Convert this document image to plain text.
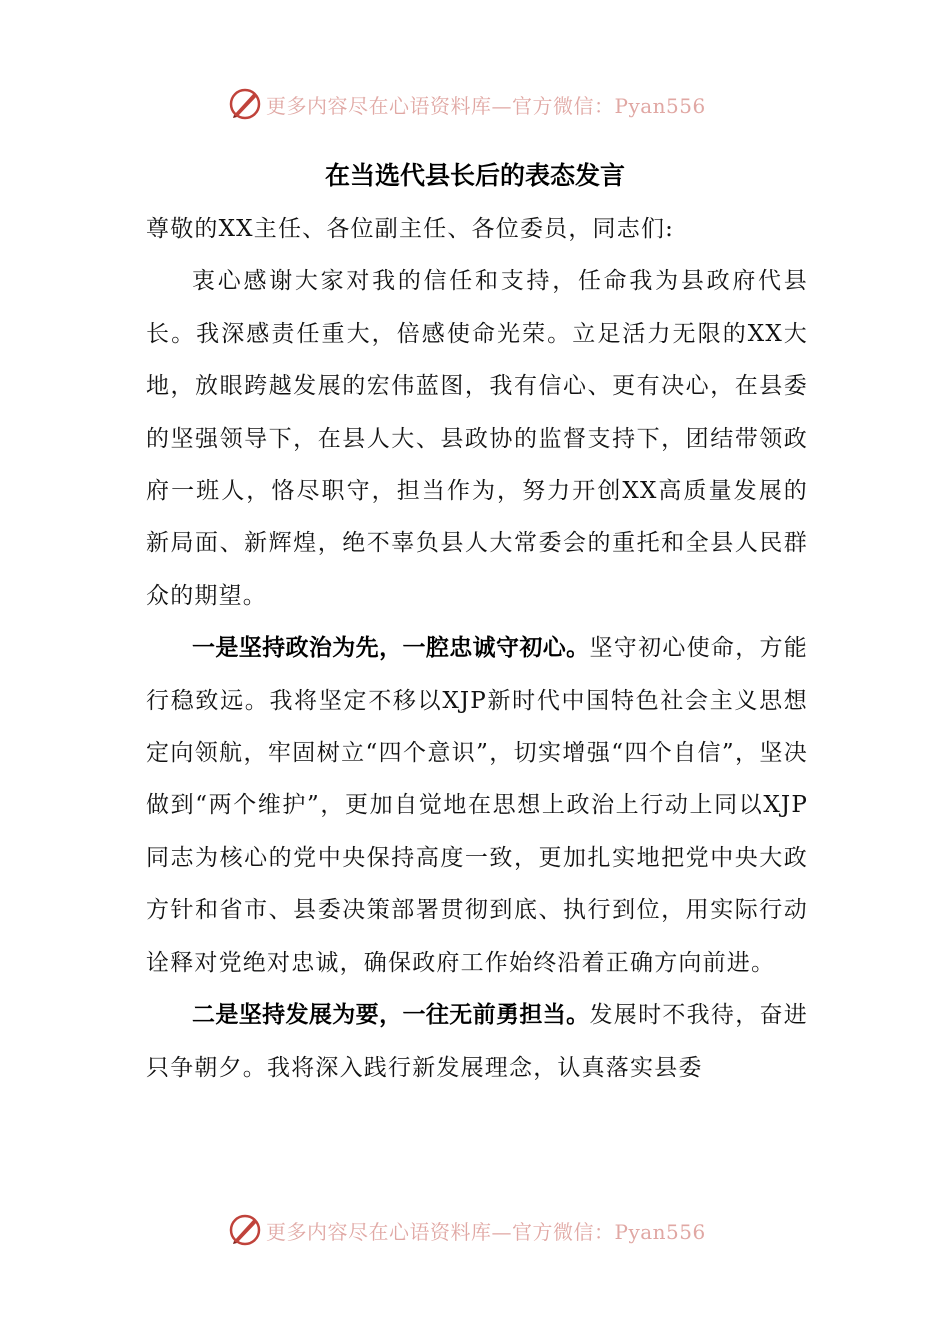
更多内容尽在心语资料库—官方微信：Pyan556
在当选代县长后的表态发言

尊敬的XX主任、各位副主任、各位委员，同志们:

衷心感谢大家对我的信任和支持，任命我为县政府代县长。我深感责任重大，倍感使命光荣。立足活力无限的XX大地，放眼跨越发展的宏伟蓝图，我有信心、更有决心，在县委的坚强领导下，在县人大、县政协的监督支持下，团结带领政府一班人，恪尽职守，担当作为，努力开创XX高质量发展的新局面、新辉煌，绝不辜负县人大常委会的重托和全县人民群众的期望。

一是坚持政治为先，一腔忠诚守初心。坚守初心使命，方能行稳致远。我将坚定不移以XJP新时代中国特色社会主义思想定向领航，牢固树立“四个意识”，切实增强“四个自信”，坚决做到“两个维护”，更加自觉地在思想上政治上行动上同以XJP同志为核心的党中央保持高度一致，更加扎实地把党中央大政方针和省市、县委决策部署贯彻到底、执行到位，用实际行动诠释对党绝对忠诚，确保政府工作始终沿着正确方向前进。

二是坚持发展为要，一往无前勇担当。发展时不我待，奋进只争朝夕。我将深入践行新发展理念，认真落实县委

更多内容尽在心语资料库—官方微信：Pyan556
